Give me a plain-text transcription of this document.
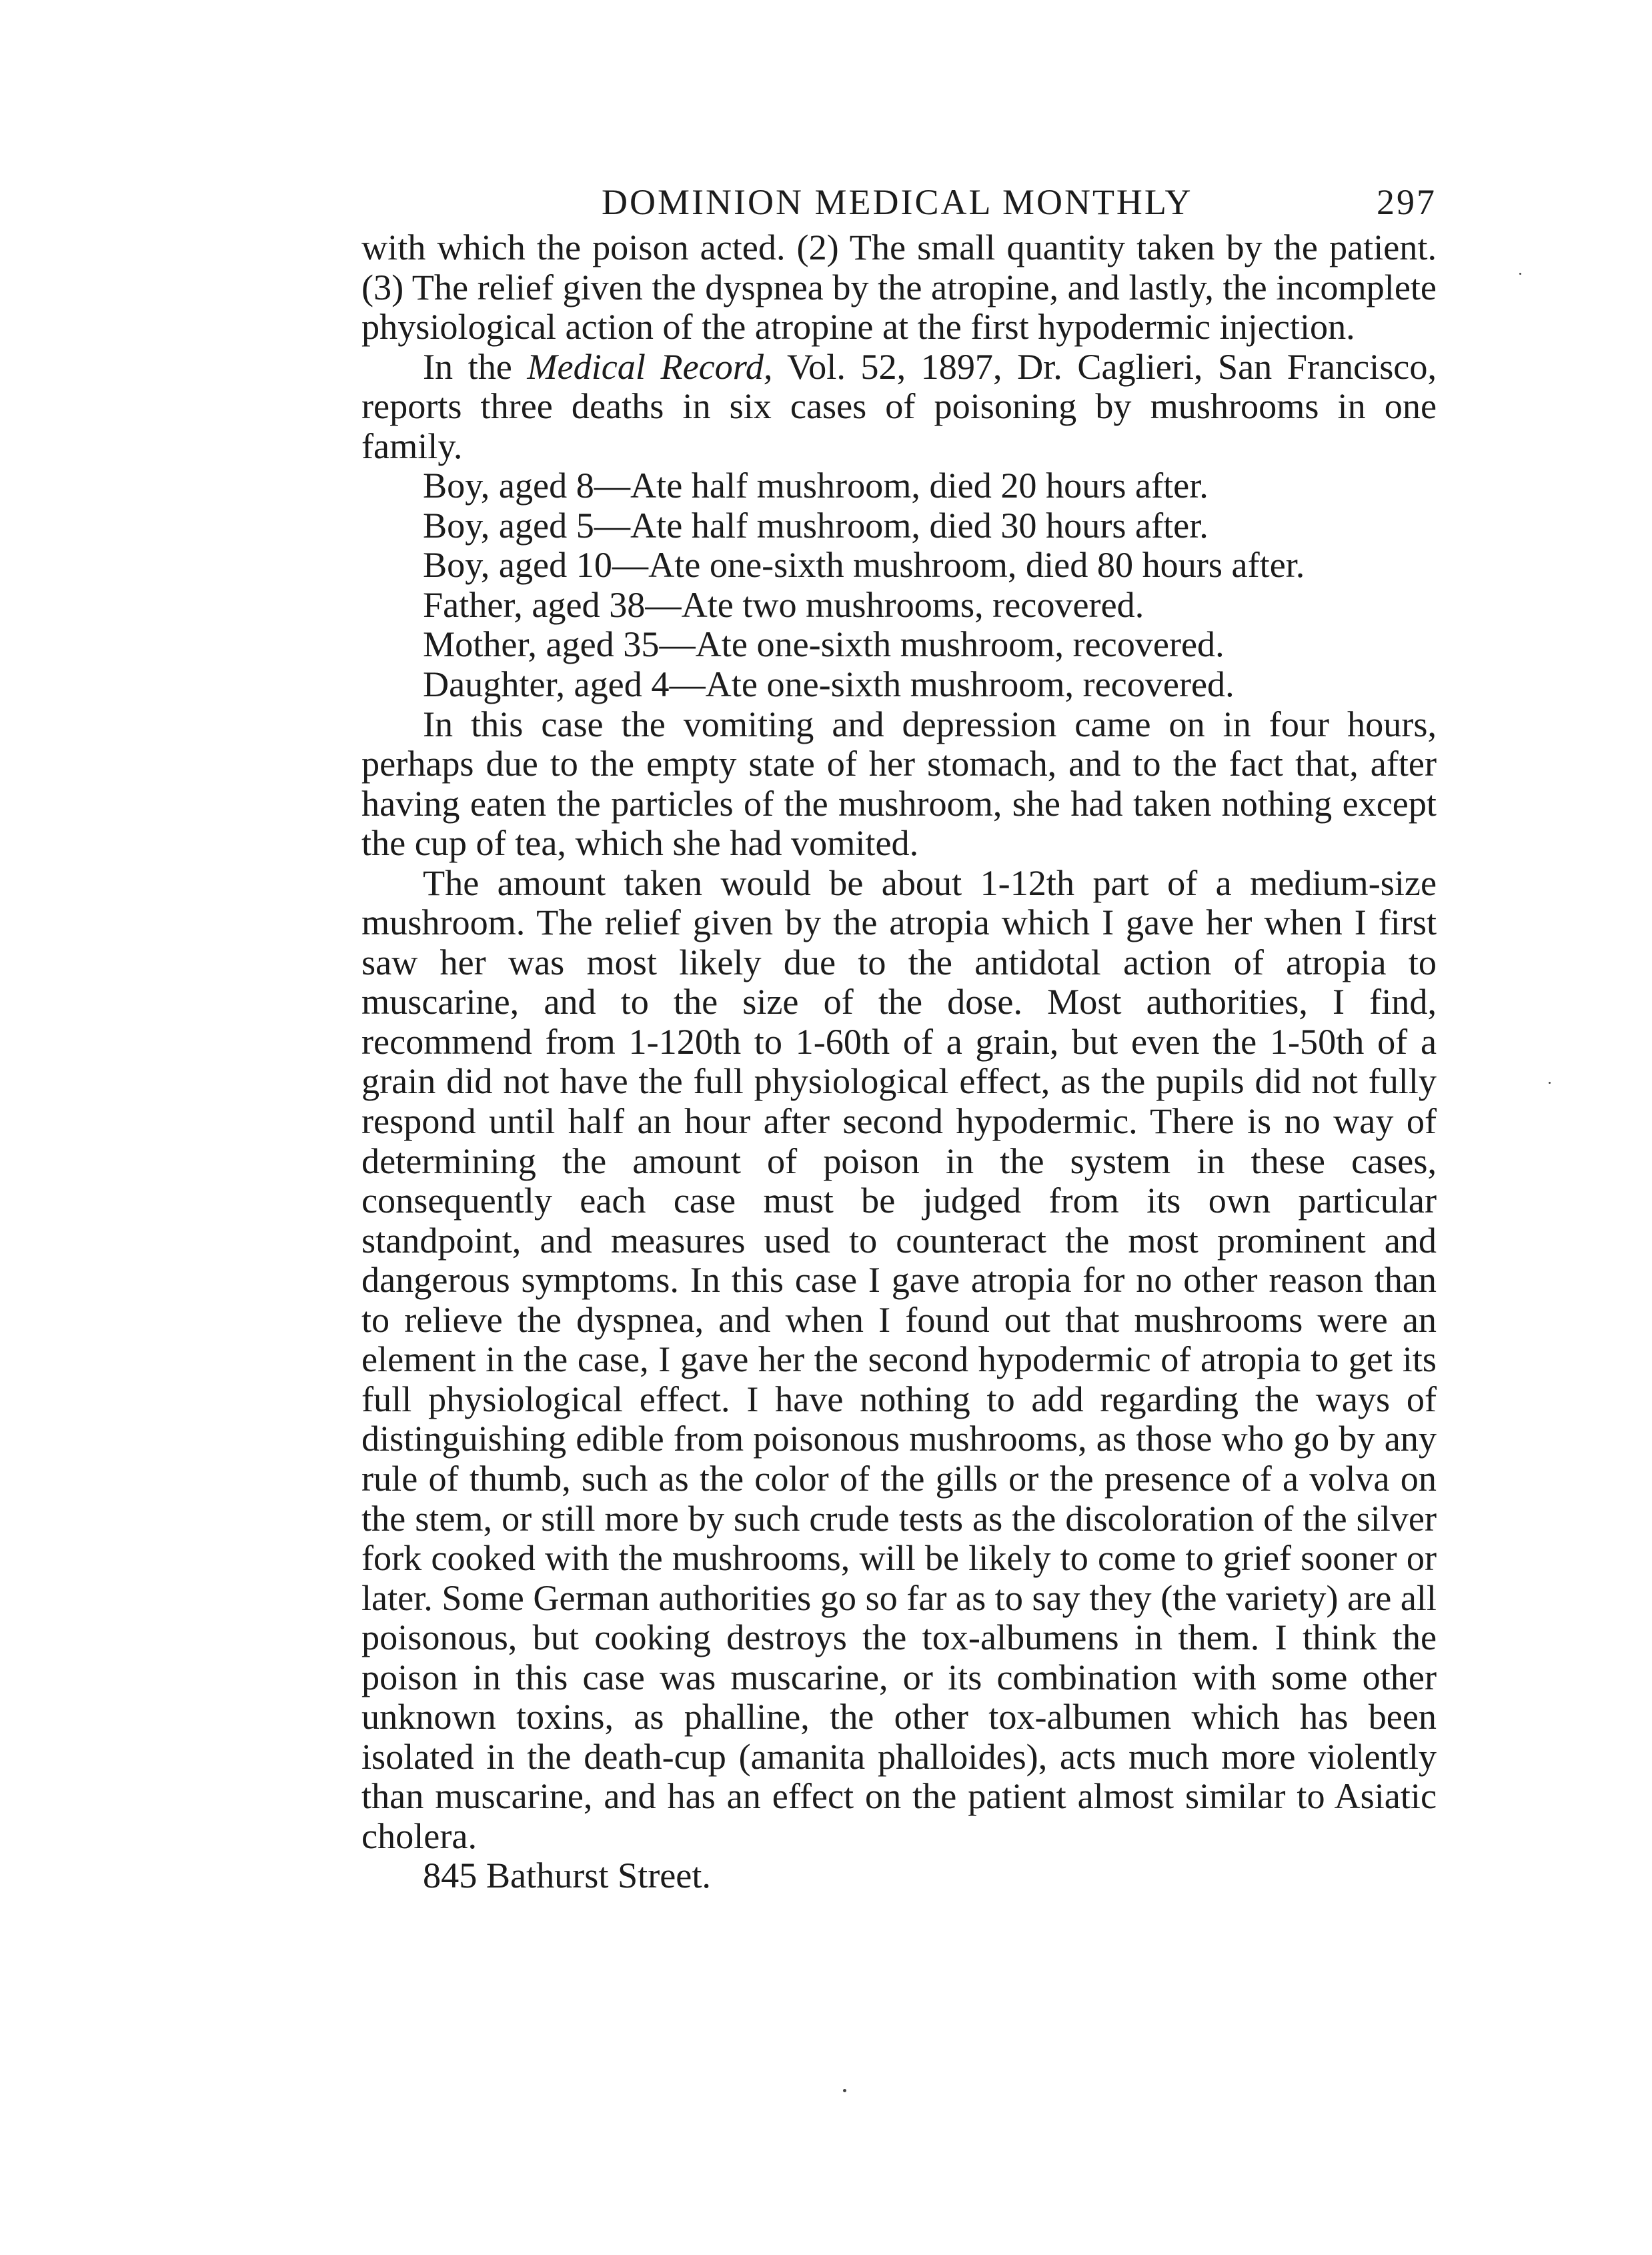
DOMINION MEDICAL MONTHLY	297

with which the poison acted. (2) The small quantity taken by the patient. (3) The relief given the dyspnea by the atropine, and lastly, the incomplete physiological action of the atropine at the first hypodermic injection.

In the Medical Record, Vol. 52, 1897, Dr. Caglieri, San Francisco, reports three deaths in six cases of poisoning by mushrooms in one family.

Boy, aged 8—Ate half mushroom, died 20 hours after.
Boy, aged 5—Ate half mushroom, died 30 hours after.
Boy, aged 10—Ate one-sixth mushroom, died 80 hours after.
Father, aged 38—Ate two mushrooms, recovered.
Mother, aged 35—Ate one-sixth mushroom, recovered.
Daughter, aged 4—Ate one-sixth mushroom, recovered.

In this case the vomiting and depression came on in four hours, perhaps due to the empty state of her stomach, and to the fact that, after having eaten the particles of the mushroom, she had taken nothing except the cup of tea, which she had vomited.

The amount taken would be about 1-12th part of a medium-size mushroom. The relief given by the atropia which I gave her when I first saw her was most likely due to the antidotal action of atropia to muscarine, and to the size of the dose. Most authorities, I find, recommend from 1-120th to 1-60th of a grain, but even the 1-50th of a grain did not have the full physiological effect, as the pupils did not fully respond until half an hour after second hypodermic. There is no way of determining the amount of poison in the system in these cases, consequently each case must be judged from its own particular standpoint, and measures used to counteract the most prominent and dangerous symptoms. In this case I gave atropia for no other reason than to relieve the dyspnea, and when I found out that mushrooms were an element in the case, I gave her the second hypodermic of atropia to get its full physiological effect. I have nothing to add regarding the ways of distinguishing edible from poisonous mushrooms, as those who go by any rule of thumb, such as the color of the gills or the presence of a volva on the stem, or still more by such crude tests as the discoloration of the silver fork cooked with the mushrooms, will be likely to come to grief sooner or later. Some German authorities go so far as to say they (the variety) are all poisonous, but cooking destroys the tox-albumens in them. I think the poison in this case was muscarine, or its combination with some other unknown toxins, as phalline, the other tox-albumen which has been isolated in the death-cup (amanita phalloides), acts much more violently than muscarine, and has an effect on the patient almost similar to Asiatic cholera.

845 Bathurst Street.
